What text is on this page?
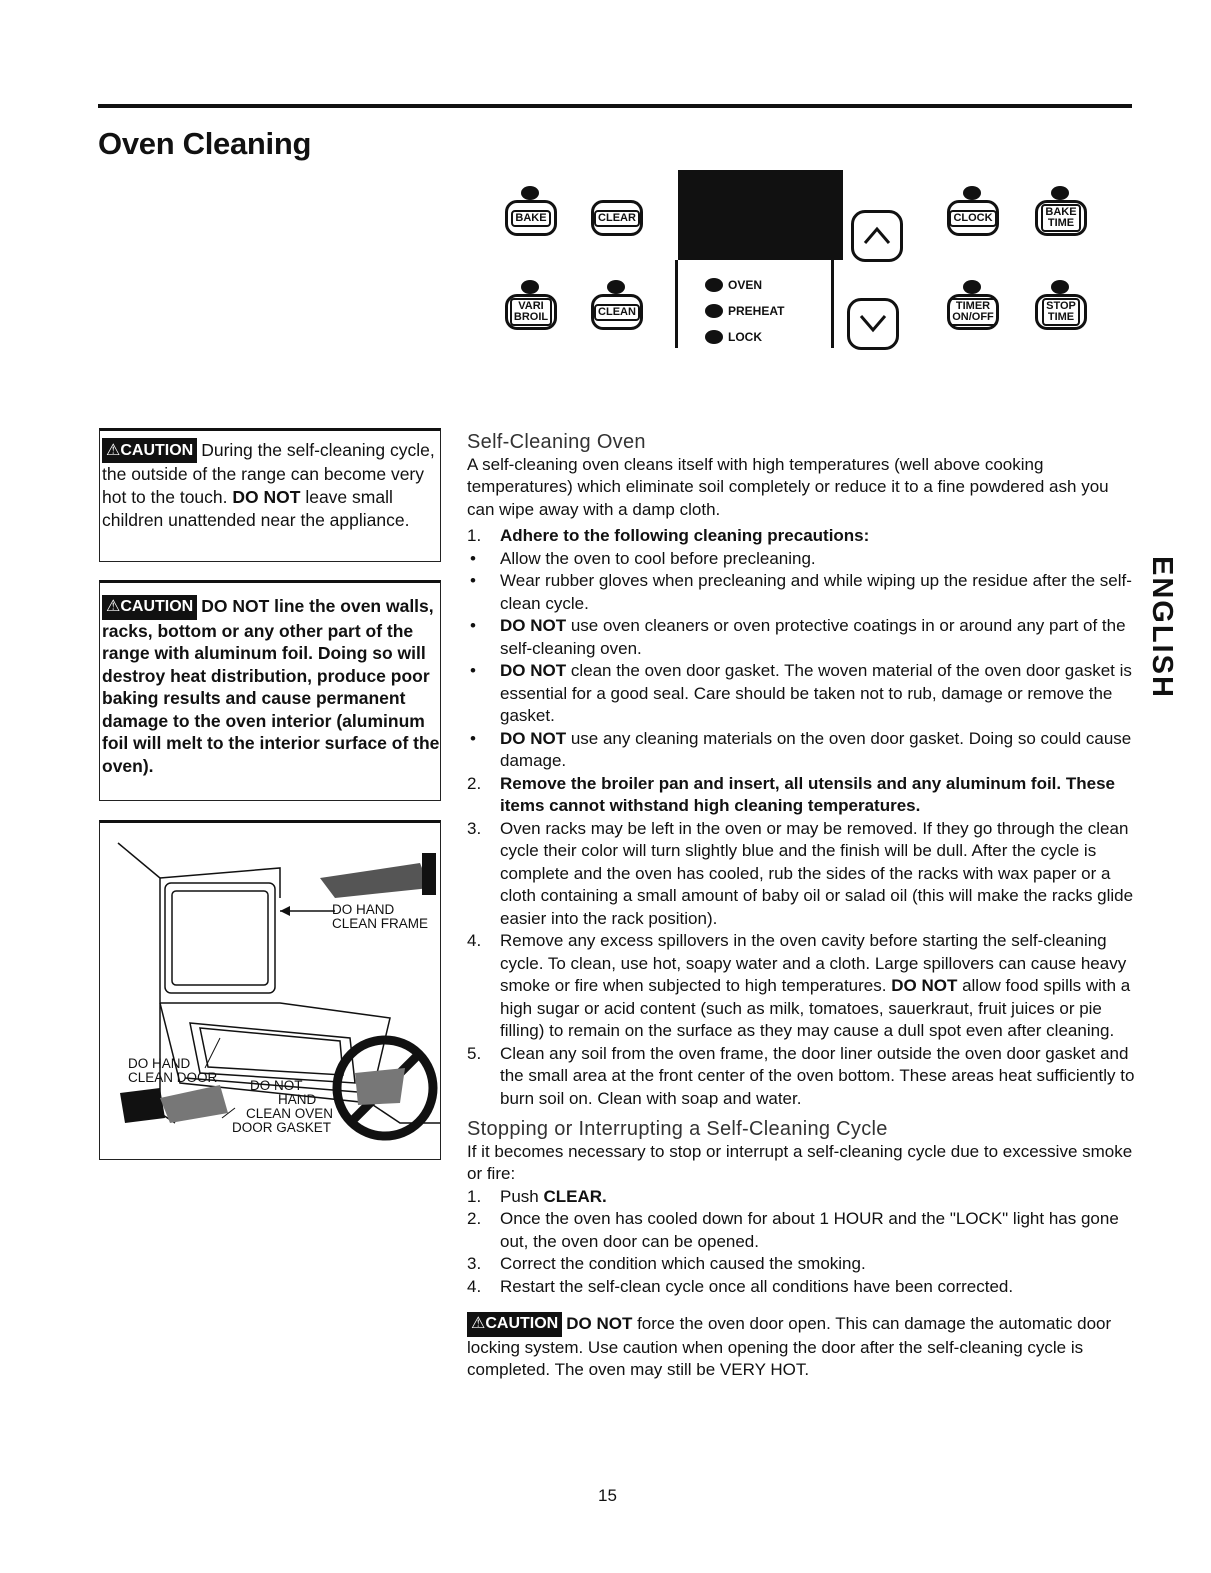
Oven Cleaning
BAKE	CLEAR	CLOCK	BAKE
TIME
VARI
BROIL	CLEAN
OVEN
PREHEAT
LOCK
TIMER
ON/OFF
STOP
TIME
⚠CAUTION During the self-cleaning cycle, the outside of the range can become very hot to the touch. DO NOT leave small children unattended near the appliance.
⚠CAUTION DO NOT line the oven walls, racks, bottom or any other part of the range with aluminum foil. Doing so will destroy heat distribution, produce poor baking results and cause permanent damage to the oven interior (aluminum foil will melt to the interior surface of the oven).
DO HAND
CLEAN FRAME
DO HAND
CLEAN DOOR
DO NOT
HAND
CLEAN OVEN
DOOR GASKET
Self-Cleaning Oven

A self-cleaning oven cleans itself with high temperatures (well above cooking temperatures) which eliminate soil completely or reduce it to a fine powdered ash you can wipe away with a damp cloth.

1. Adhere to the following cleaning precautions:
• Allow the oven to cool before precleaning.
• Wear rubber gloves when precleaning and while wiping up the residue after the self-clean cycle.
• DO NOT use oven cleaners or oven protective coatings in or around any part of the self-cleaning oven.
• DO NOT clean the oven door gasket. The woven material of the oven door gasket is essential for a good seal. Care should be taken not to rub, damage or remove the gasket.
• DO NOT use any cleaning materials on the oven door gasket. Doing so could cause damage.
2. Remove the broiler pan and insert, all utensils and any aluminum foil. These items cannot withstand high cleaning temperatures.
3. Oven racks may be left in the oven or may be removed. If they go through the clean cycle their color will turn slightly blue and the finish will be dull. After the cycle is complete and the oven has cooled, rub the sides of the racks with wax paper or a cloth containing a small amount of baby oil or salad oil (this will make the racks glide easier into the rack position).
4. Remove any excess spillovers in the oven cavity before starting the self-cleaning cycle. To clean, use hot, soapy water and a cloth. Large spillovers can cause heavy smoke or fire when subjected to high temperatures. DO NOT allow food spills with a high sugar or acid content (such as milk, tomatoes, sauerkraut, fruit juices or pie filling) to remain on the surface as they may cause a dull spot even after cleaning.
5. Clean any soil from the oven frame, the door liner outside the oven door gasket and the small area at the front center of the oven bottom. These areas heat sufficiently to burn soil on. Clean with soap and water.
Stopping or Interrupting a Self-Cleaning Cycle

If it becomes necessary to stop or interrupt a self-cleaning cycle due to excessive smoke or fire:

1. Push CLEAR.
2. Once the oven has cooled down for about 1 HOUR and the "LOCK" light has gone out, the oven door can be opened.
3. Correct the condition which caused the smoking.
4. Restart the self-clean cycle once all conditions have been corrected.

⚠CAUTION DO NOT force the oven door open. This can damage the automatic door locking system. Use caution when opening the door after the self-cleaning cycle is completed. The oven may still be VERY HOT.

ENGLISH
15
